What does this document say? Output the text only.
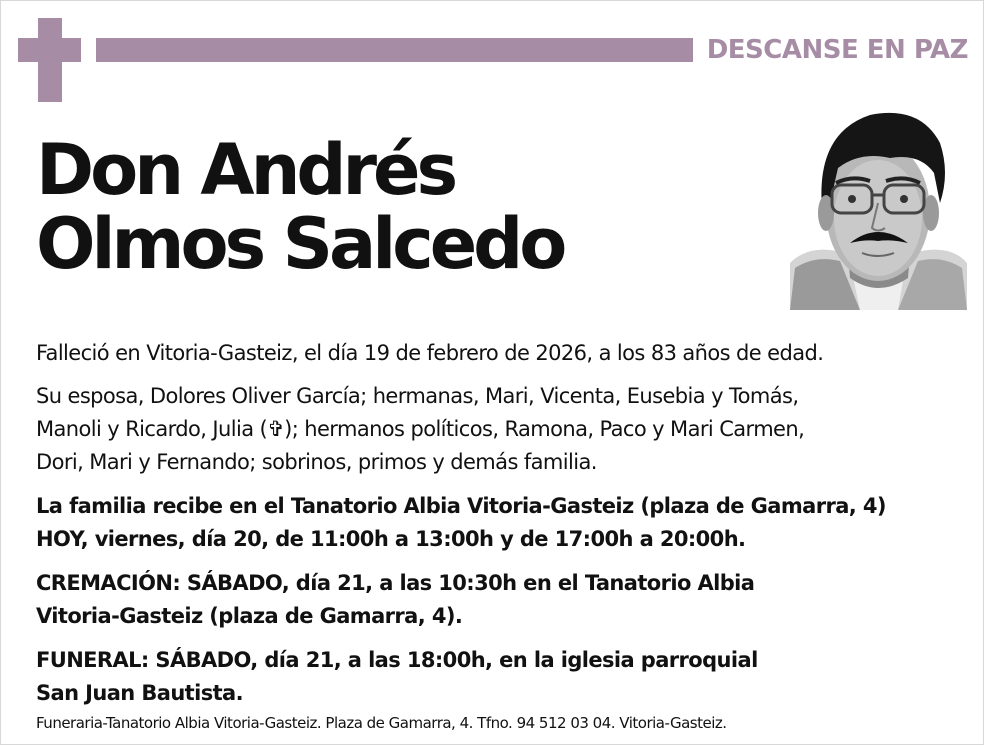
DESCANSE EN PAZ
Don Andrés
Olmos Salcedo
Falleció en Vitoria-Gasteiz, el día 19 de febrero de 2026, a los 83 años de edad.
Su esposa, Dolores Oliver García; hermanas, Mari, Vicenta, Eusebia y Tomás,
Manoli y Ricardo, Julia (✞); hermanos políticos, Ramona, Paco y Mari Carmen,
Dori, Mari y Fernando; sobrinos, primos y demás familia.
La familia recibe en el Tanatorio Albia Vitoria-Gasteiz (plaza de Gamarra, 4)
HOY, viernes, día 20, de 11:00h a 13:00h y de 17:00h a 20:00h.
CREMACIÓN: SÁBADO, día 21, a las 10:30h en el Tanatorio Albia
Vitoria-Gasteiz (plaza de Gamarra, 4).
FUNERAL: SÁBADO, día 21, a las 18:00h, en la iglesia parroquial
San Juan Bautista.
Funeraria-Tanatorio Albia Vitoria-Gasteiz. Plaza de Gamarra, 4. Tfno. 94 512 03 04. Vitoria-Gasteiz.
